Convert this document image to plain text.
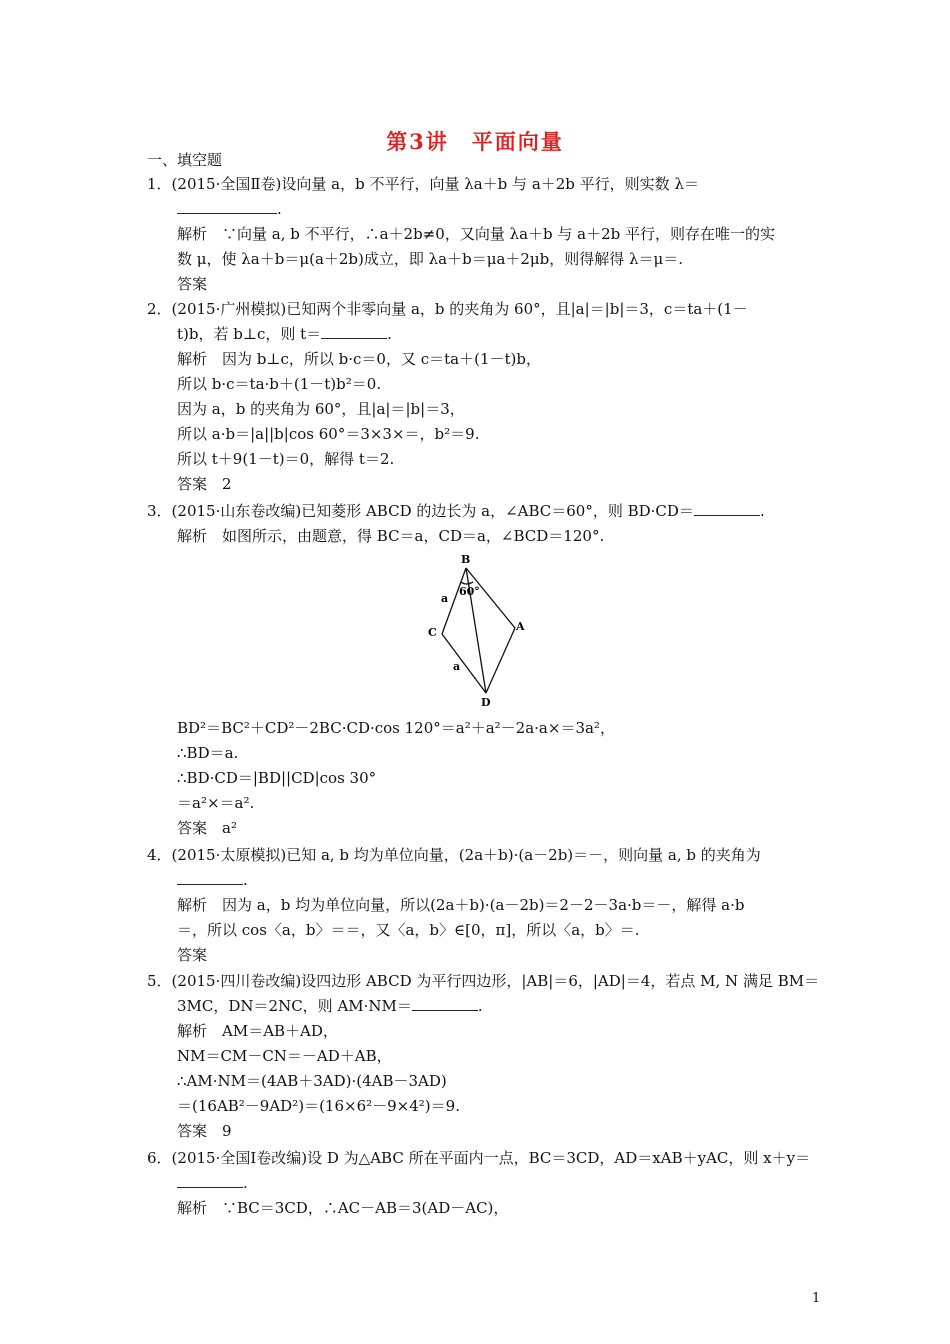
第3讲　平面向量
一、填空题
1．(2015·全国Ⅱ卷)设向量 a，b 不平行，向量 λa＋b 与 a＋2b 平行，则实数 λ＝
.
解析　∵向量 a, b 不平行，∴a＋2b≠0，又向量 λa＋b 与 a＋2b 平行，则存在唯一的实
数 μ，使 λa＋b＝μ(a＋2b)成立，即 λa＋b＝μa＋2μb，则得解得 λ＝μ＝.
答案
2．(2015·广州模拟)已知两个非零向量 a，b 的夹角为 60°，且|a|＝|b|＝3，c＝ta＋(1－
t)b，若 b⊥c，则 t＝	.
解析　因为 b⊥c，所以 b·c＝0，又 c＝ta＋(1－t)b，
所以 b·c＝ta·b＋(1－t)b²＝0.
因为 a，b 的夹角为 60°，且|a|＝|b|＝3，
所以 a·b＝|a||b|cos 60°＝3×3×＝，b²＝9.
所以 t＋9(1－t)＝0，解得 t＝2.
答案　2
3．(2015·山东卷改编)已知菱形 ABCD 的边长为 a，∠ABC＝60°，则 BD·CD＝	.
解析　如图所示，由题意，得 BC＝a，CD＝a，∠BCD＝120°.
B
A
C
D
a
a
60°
BD²＝BC²＋CD²－2BC·CD·cos 120°＝a²＋a²－2a·a×＝3a²，
∴BD＝a.
∴BD·CD＝|BD||CD|cos 30°
＝a²×＝a².
答案　a²
4．(2015·太原模拟)已知 a, b 均为单位向量，(2a＋b)·(a－2b)＝－，则向量 a, b 的夹角为
.
解析　因为 a，b 均为单位向量，所以(2a＋b)·(a－2b)＝2－2－3a·b＝－，解得 a·b
＝，所以 cos〈a，b〉＝＝，又〈a，b〉∈[0，π]，所以〈a，b〉＝.
答案
5．(2015·四川卷改编)设四边形 ABCD 为平行四边形，|AB|＝6，|AD|＝4，若点 M, N 满足 BM＝
3MC，DN＝2NC，则 AM·NM＝	.
解析　AM＝AB＋AD，
NM＝CM－CN＝－AD＋AB，
∴AM·NM＝(4AB＋3AD)·(4AB－3AD)
＝(16AB²－9AD²)＝(16×6²－9×4²)＝9.
答案　9
6．(2015·全国Ⅰ卷改编)设 D 为△ABC 所在平面内一点，BC＝3CD，AD＝xAB＋yAC，则 x＋y＝
.
解析　∵BC＝3CD，∴AC－AB＝3(AD－AC)，
1
